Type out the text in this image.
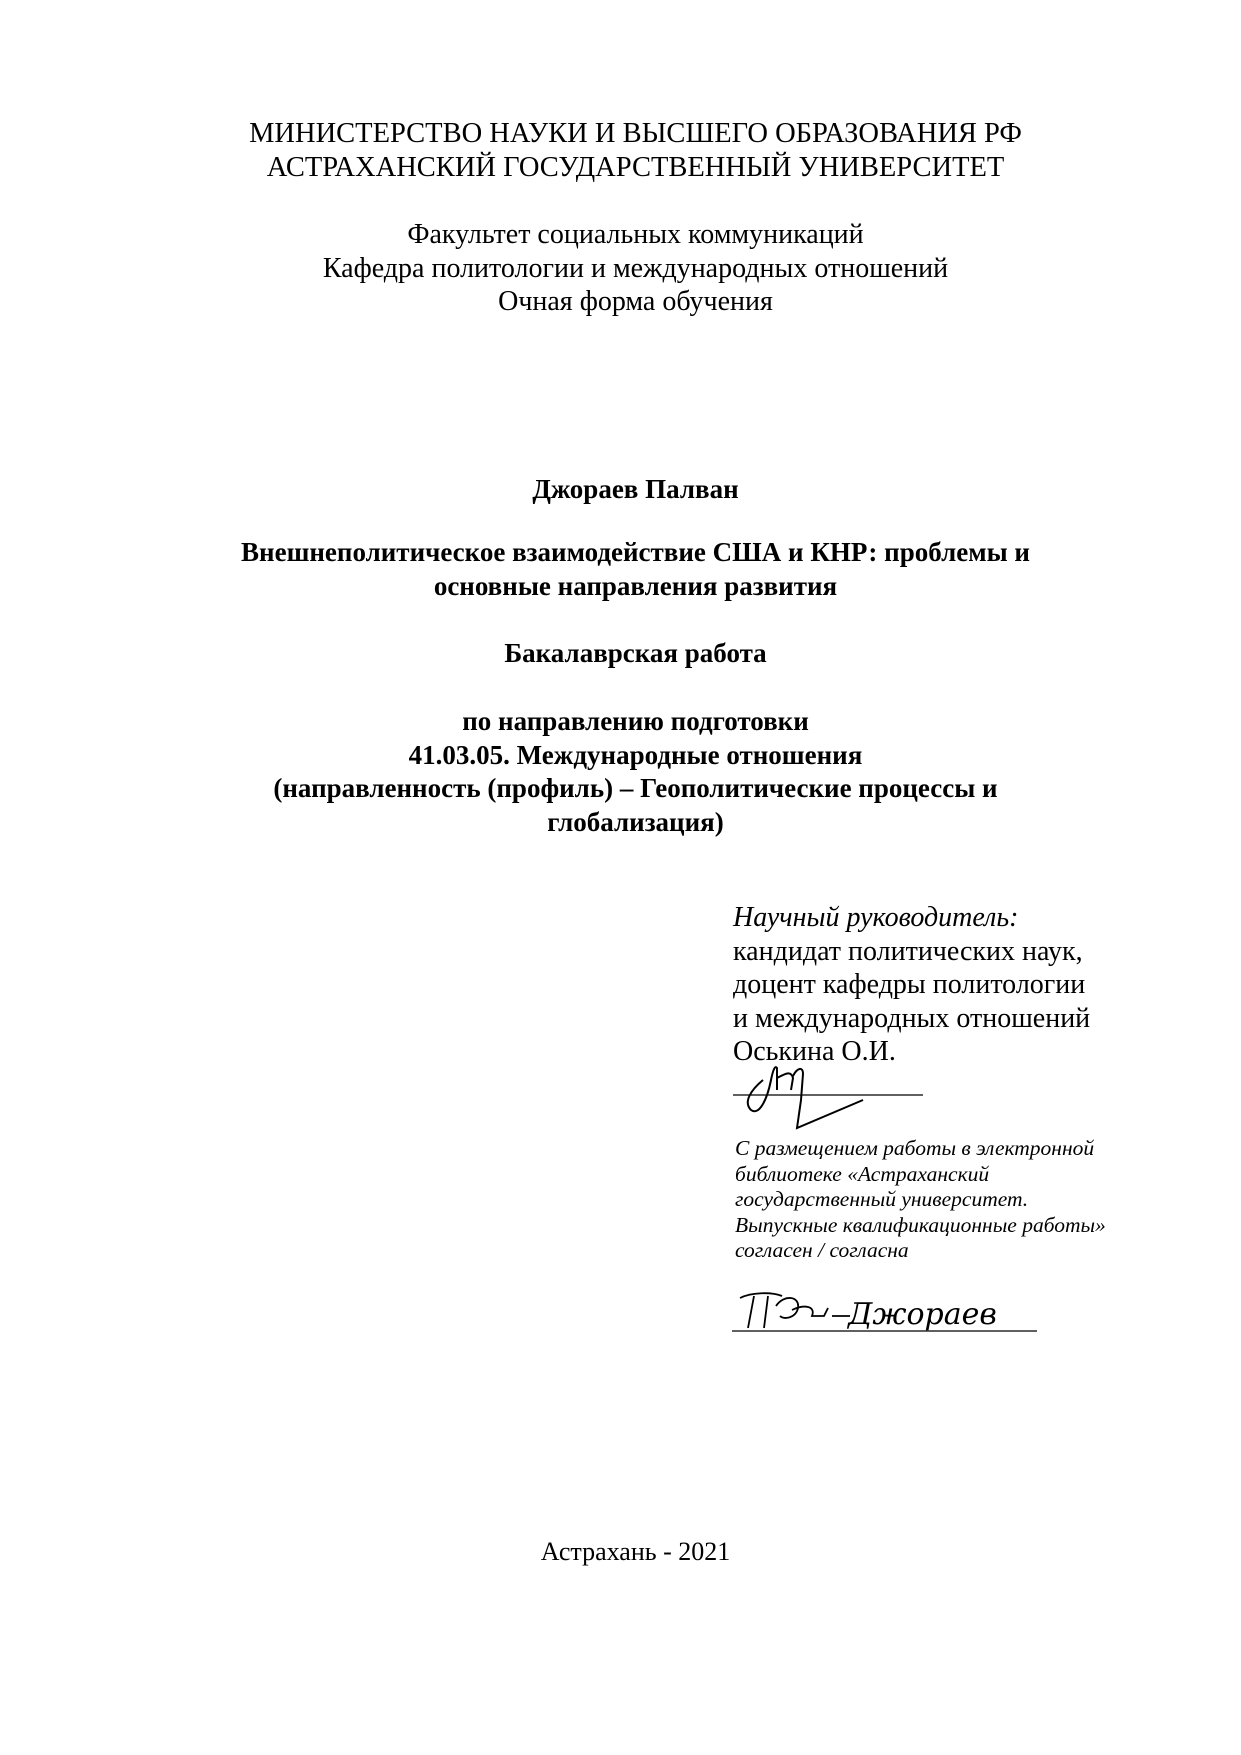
МИНИСТЕРСТВО НАУКИ И ВЫСШЕГО ОБРАЗОВАНИЯ РФ
АСТРАХАНСКИЙ ГОСУДАРСТВЕННЫЙ УНИВЕРСИТЕТ
Факультет социальных коммуникаций
Кафедра политологии и международных отношений
Очная форма обучения
Джораев Палван
Внешнеполитическое взаимодействие США и КНР: проблемы и
основные направления развития
Бакалаврская работа
по направлению подготовки
41.03.05. Международные отношения
(направленность (профиль) – Геополитические процессы и
глобализация)
Научный руководитель:
кандидат политических наук,
доцент кафедры политологии
и международных отношений
Оськина О.И.
С размещением работы в электронной
библиотеке «Астраханский
государственный университет.
Выпускные квалификационные работы»
согласен / согласна
Джораев
Астрахань - 2021
